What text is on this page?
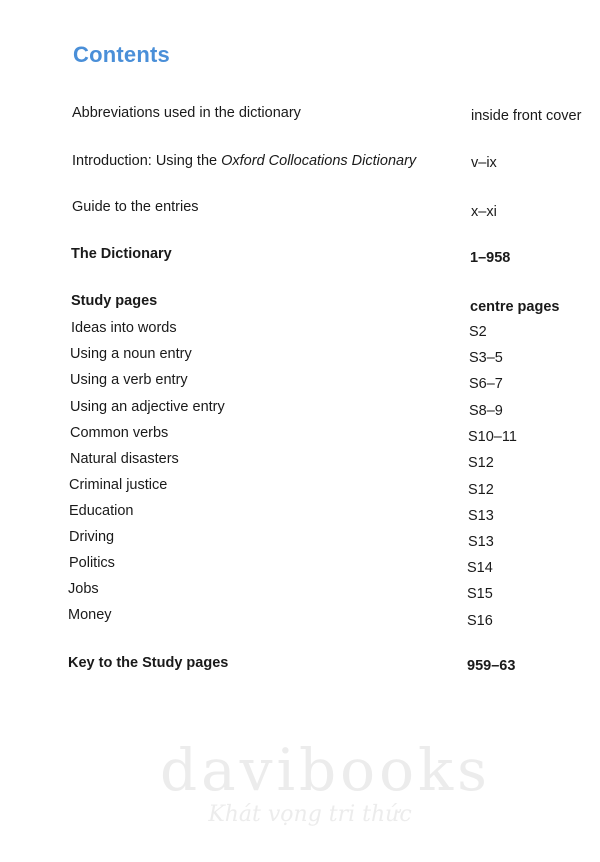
Contents
Abbreviations used in the dictionary	inside front cover
Introduction: Using the Oxford Collocations Dictionary	v–ix
Guide to the entries	x–xi
The Dictionary	1–958
Study pages	centre pages
Ideas into words	S2
Using a noun entry	S3–5
Using a verb entry	S6–7
Using an adjective entry	S8–9
Common verbs	S10–11
Natural disasters	S12
Criminal justice	S12
Education	S13
Driving	S13
Politics	S14
Jobs	S15
Money	S16
Key to the Study pages	959–63
davibooks
Khát vọng tri thức
